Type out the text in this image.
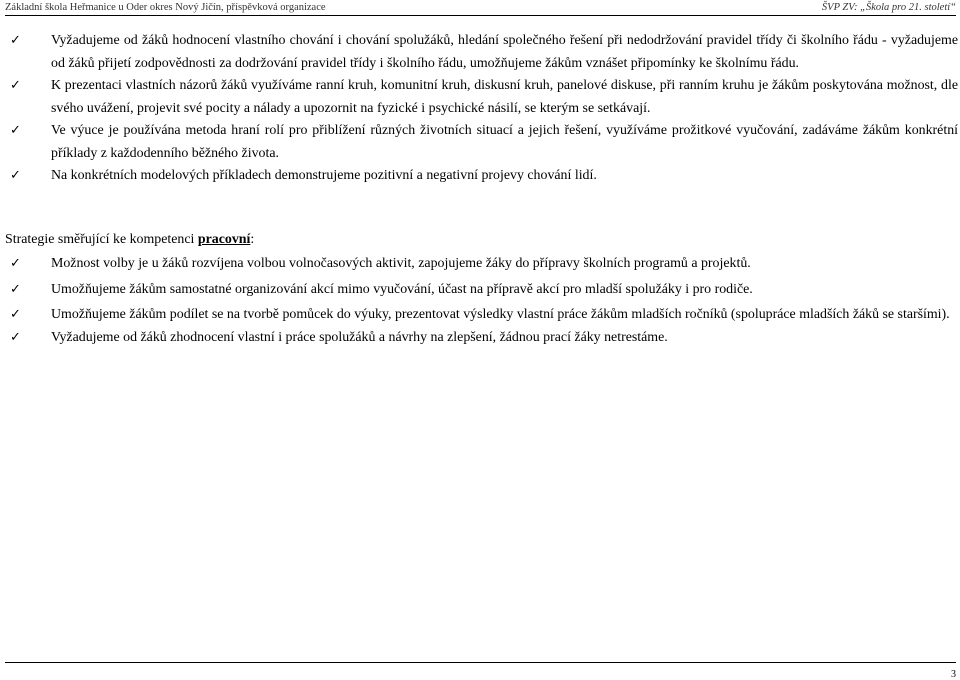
Základní škola Heřmanice u Oder okres Nový Jičín, příspěvková organizace	ŠVP ZV: „Škola pro 21. století“
✓ Vyžadujeme od žáků hodnocení vlastního chování i chování spolužáků, hledání společného řešení při nedodržování pravidel třídy či školního řádu - vyžadujeme od žáků přijetí zodpovědnosti za dodržování pravidel třídy i školního řádu, umožňujeme žákům vznášet připomínky ke školnímu řádu.
✓ K prezentaci vlastních názorů žáků využíváme ranní kruh, komunitní kruh, diskusní kruh, panelové diskuse, při ranním kruhu je žákům poskytována možnost, dle svého uvážení, projevit své pocity a nálady a upozornit na fyzické i psychické násilí, se kterým se setkávají.
✓ Ve výuce je používána metoda hraní rolí pro přiblížení různých životních situací a jejich řešení, využíváme prožitkové vyučování, zadáváme žákům konkrétní příklady z každodenního běžného života.
✓ Na konkrétních modelových příkladech demonstrujeme pozitivní a negativní projevy chování lidí.
Strategie směřující ke kompetenci pracovní:
✓ Možnost volby je u žáků rozvíjena volbou volnočasových aktivit, zapojujeme žáky do přípravy školních programů a projektů.
✓ Umožňujeme žákům samostatné organizování akcí mimo vyučování, účast na přípravě akcí pro mladší spolužáky i pro rodiče.
✓ Umožňujeme žákům podílet se na tvorbě pomůcek do výuky, prezentovat výsledky vlastní práce žákům mladších ročníků (spolupráce mladších žáků se staršími).
✓ Vyžadujeme od žáků zhodnocení vlastní i práce spolužáků a návrhy na zlepšení, žádnou prací žáky netrestáme.
3
